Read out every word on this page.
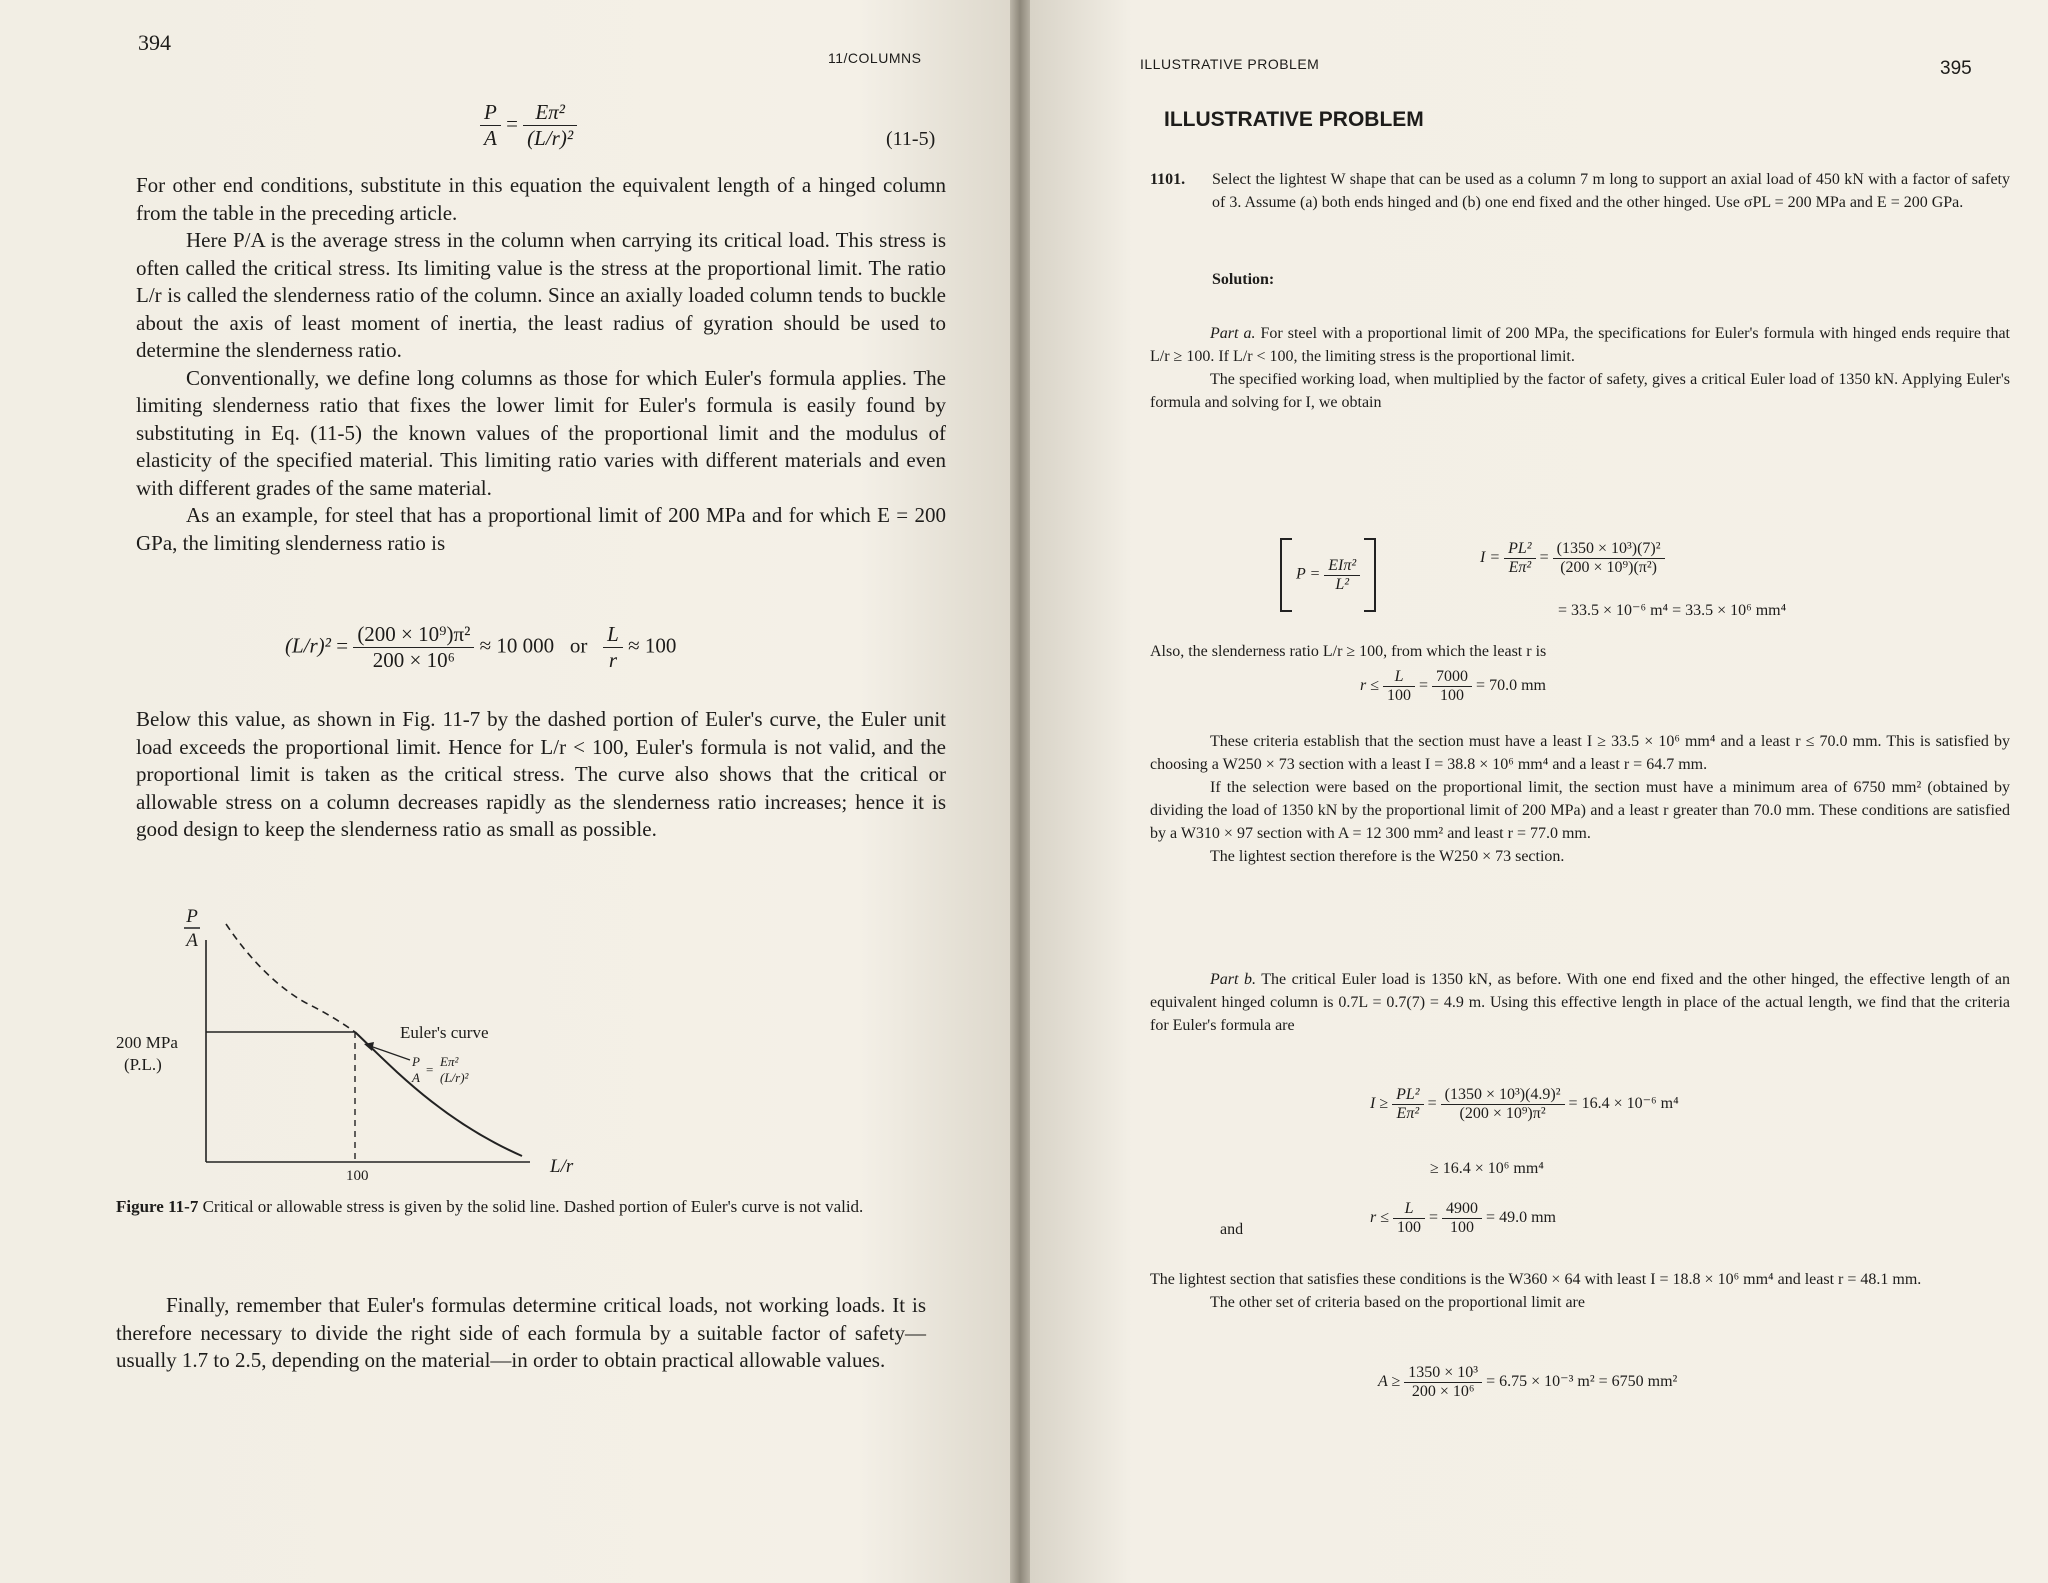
394
11/COLUMNS
$\frac{P}{A} = \frac{\text{Eπ²}}{\text{(L/r)²}}$	(11-5)

For other end conditions, substitute in this equation the equivalent length of a hinged column from the table in the preceding article.

Here P/A is the average stress in the column when carrying its critical load. This stress is often called the critical stress. Its limiting value is the stress at the proportional limit. The ratio L/r is called the slenderness ratio of the column. Since an axially loaded column tends to buckle about the axis of least moment of inertia, the least radius of gyration should be used to determine the slenderness ratio.

Conventionally, we define long columns as those for which Euler's formula applies. The limiting slenderness ratio that fixes the lower limit for Euler's formula is easily found by substituting in Eq. (11-5) the known values of the proportional limit and the modulus of elasticity of the specified material. This limiting ratio varies with different materials and even with different grades of the same material.

As an example, for steel that has a proportional limit of 200 MPa and for which E = 200 GPa, the limiting slenderness ratio is

$(L/r)^2 = \frac{\text{(200 × 10⁹)π²}}{\text{200 × 10⁶}} \approx 10$ 000 or $\frac{L}{r} \approx 100$

Below this value, as shown in Fig. 11-7 by the dashed portion of Euler's curve, the Euler unit load exceeds the proportional limit. Hence for L/r < 100, Euler's formula is not valid, and the proportional limit is taken as the critical stress. The curve also shows that the critical or allowable stress on a column decreases rapidly as the slenderness ratio increases; hence it is good design to keep the slenderness ratio as small as possible.

P
A
200 MPa
(P.L.)
Euler's curve
P
A
=
Eπ²
(L/r)²
100	L/r
Figure 11-7 Critical or allowable stress is given by the solid line. Dashed portion of Euler's curve is not valid.

Finally, remember that Euler's formulas determine critical loads, not working loads. It is therefore necessary to divide the right side of each formula by a suitable factor of safety—usually 1.7 to 2.5, depending on the material—in order to obtain practical allowable values.

ILLUSTRATIVE PROBLEM	395
ILLUSTRATIVE PROBLEM
1101. Select the lightest W shape that can be used as a column 7 m long to support an axial load of 450 kN with a factor of safety of 3. Assume (a) both ends hinged and (b) one end fixed and the other hinged. Use σPL = 200 MPa and E = 200 GPa.
Solution:

Part a. For steel with a proportional limit of 200 MPa, the specifications for Euler's formula with hinged ends require that L/r ≥ 100. If L/r < 100, the limiting stress is the proportional limit.

The specified working load, when multiplied by the factor of safety, gives a critical Euler load of 1350 kN. Applying Euler's formula and solving for I, we obtain

$P = \frac{\text{EIπ²}}{\text{L²}}$
	$I = \frac{\text{PL²}}{\text{Eπ²}} = \frac{\text{(1350 × 10³)(7)²}}{\text{(200 × 10⁹)(π²)}}$
= 33.5 × 10⁻⁶ m⁴ = 33.5 × 10⁶ mm⁴
Also, the slenderness ratio L/r ≥ 100, from which the least r is
$r \le \frac{L}{100} = \frac{7000}{100} = 70.0$ mm

These criteria establish that the section must have a least I ≥ 33.5 × 10⁶ mm⁴ and a least r ≤ 70.0 mm. This is satisfied by choosing a W250 × 73 section with a least I = 38.8 × 10⁶ mm⁴ and a least r = 64.7 mm.

If the selection were based on the proportional limit, the section must have a minimum area of 6750 mm² (obtained by dividing the load of 1350 kN by the proportional limit of 200 MPa) and a least r greater than 70.0 mm. These conditions are satisfied by a W310 × 97 section with A = 12 300 mm² and least r = 77.0 mm.

The lightest section therefore is the W250 × 73 section.

Part b. The critical Euler load is 1350 kN, as before. With one end fixed and the other hinged, the effective length of an equivalent hinged column is 0.7L = 0.7(7) = 4.9 m. Using this effective length in place of the actual length, we find that the criteria for Euler's formula are

$I \ge \frac{\text{PL²}}{\text{Eπ²}} = \frac{\text{(1350 × 10³)(4.9)²}}{\text{(200 × 10⁹)π²}} = 16.4 \times 10^{-6}$ m⁴
≥ 16.4 × 10⁶ mm⁴
and
$r \le \frac{L}{100} = \frac{4900}{100} = 49.0$ mm

The lightest section that satisfies these conditions is the W360 × 64 with least I = 18.8 × 10⁶ mm⁴ and least r = 48.1 mm.

The other set of criteria based on the proportional limit are

$A \ge \frac{\text{1350 × 10³}}{\text{200 × 10⁶}} = 6.75 \times 10^{-3}$ m² = 6750 mm²
